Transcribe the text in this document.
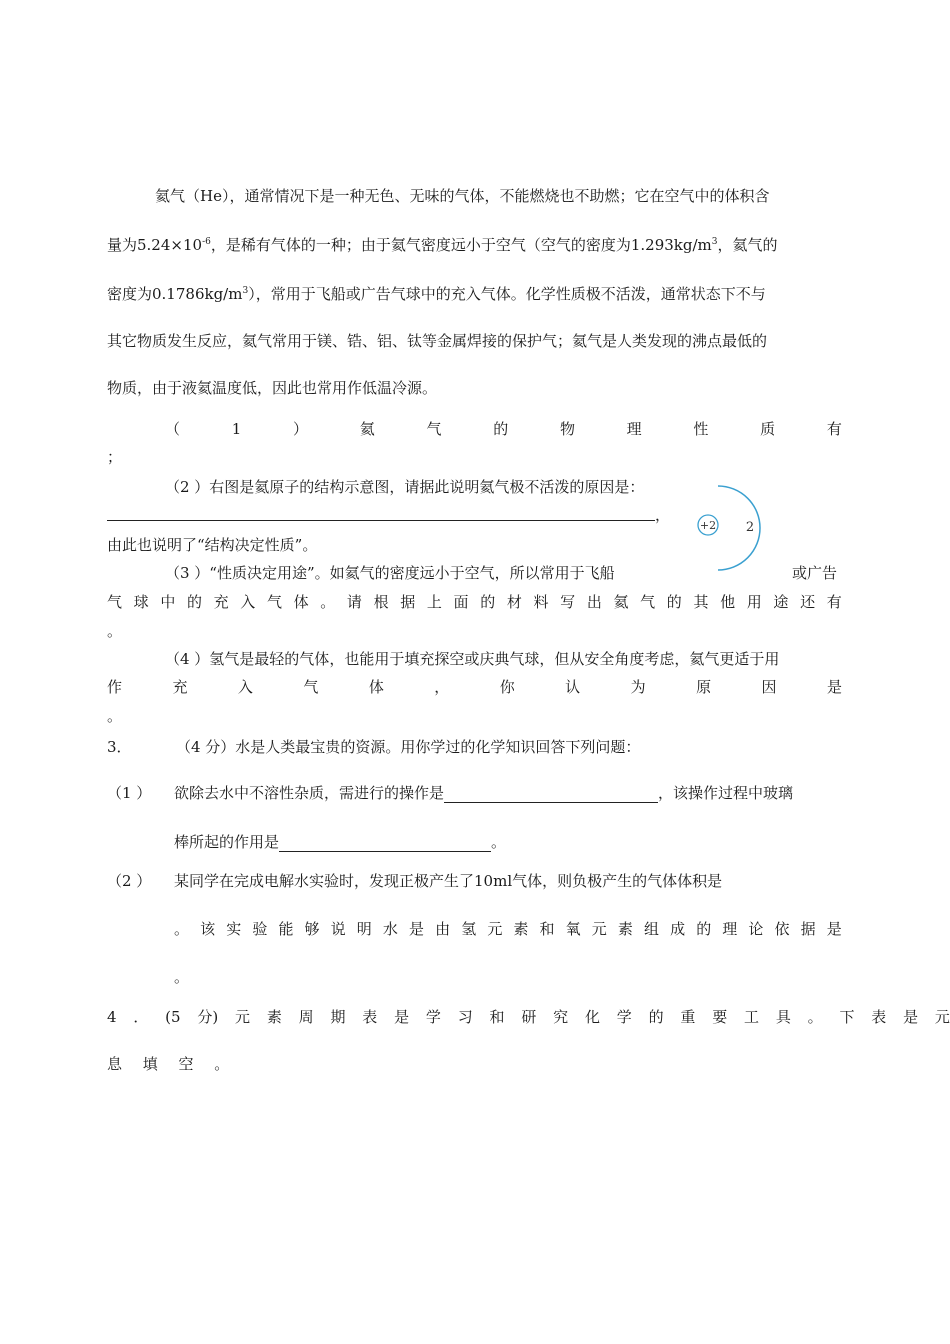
氦气（He），通常情况下是一种无色、无味的气体，不能燃烧也不助燃；它在空气中的体积含
量为$5.24\times 10^{-6}$，是稀有气体的一种；由于氦气密度远小于空气（空气的密度为$1.293kg/m^3$，氦气的
密度为$0.1786kg/m^3$），常用于飞船或广告气球中的充入气体。化学性质极不活泼，通常状态下不与
其它物质发生反应，氦气常用于镁、锆、铝、钛等金属焊接的保护气；氦气是人类发现的沸点最低的
物质，由于液氦温度低，因此也常用作低温冷源。
（	1	）	氦	气	的	物	理	性	质	有
；
（2 ）右图是氦原子的结构示意图，请据此说明氦气极不活泼的原因是：
，
由此也说明了“结构决定性质”。
+2 2
（3 ）“性质决定用途”。如氦气的密度远小于空气，所以常用于飞船	或广告
气 球 中 的 充 入 气 体 。 请 根 据 上 面 的 材 料 写 出 氦 气 的 其 他 用 途 还 有
。
（4 ）氢气是最轻的气体，也能用于填充探空或庆典气球，但从安全角度考虑，氦气更适于用
作	充	入	气	体	，	你	认	为	原	因	是
。
3．	（4 分）水是人类最宝贵的资源。用你学过的化学知识回答下列问题：
（1 ） 欲除去水中不溶性杂质，需进行的操作是	，该操作过程中玻璃
棒所起的作用是	。
（2 ） 某同学在完成电解水实验时，发现正极产生了10ml气体，则负极产生的气体体积是
。 该 实 验 能 够 说 明 水 是 由 氢 元 素 和 氧 元 素 组 成 的 理 论 依 据 是
。
4 ． (5 分) 元 素 周 期 表 是 学 习 和 研 究 化 学 的 重 要 工 具 。 下 表 是 元
息 填 空 。
